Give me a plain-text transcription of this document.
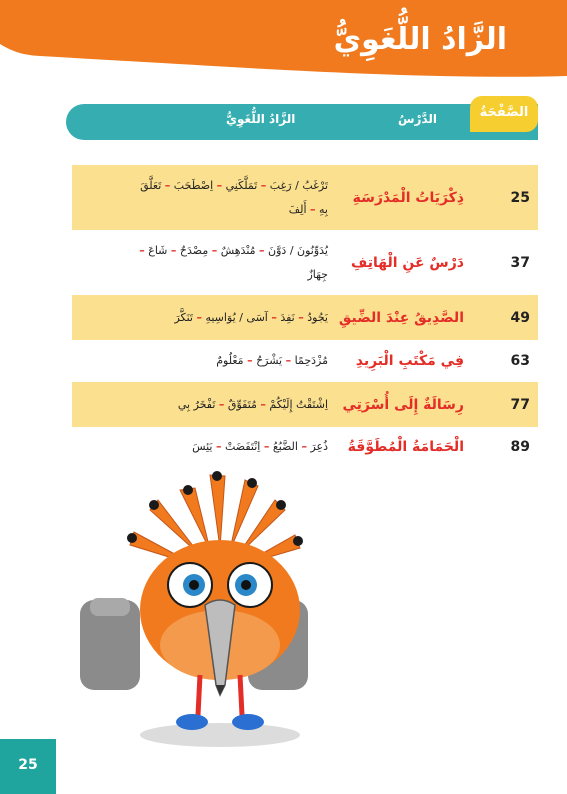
الزَّادُ اللُّغَوِيُّ
الدَّرْسُ
الزَّادُ اللُّغَوِيُّ	الصَّفْحَةُ
25
ذِكْرَيَاتُ الْمَدْرَسَةِ
تَرْغَبُ / رَغِبَ – تَمَلَّكَنِي – اِصْطَحَبَ – تَعَلَّقَ بِهِ – أَلِفَ
37
دَرْسٌ عَنِ الْهَاتِفِ
يُدَوِّنُونَ / دَوَّنَ – مُنْدَهِشٌ – مِصْدَحٌ – شَاعَ – جِهَازٌ
49
الصَّدِيقُ عِنْدَ الضِّيقِ
يَجُودُ – نَفِدَ – آسَى / يُوَاسِيهِ – تَنَكَّرَ
63
فِي مَكْتَبِ الْبَرِيدِ
مُزْدَحِمًا – يَشْرَحُ – مَعْلُومٌ
77
رِسَالَةٌ إِلَى أُسْرَتِي
اِشْتَقْتُ إِلَيْكُمْ – مُتَفَوِّقٌ – تَفْخَرُ بِي
89
الْحَمَامَةُ الْمُطَوَّقَةُ
ذُعِرَ – الضَّبُعُ – اِنْتَفَضَتْ – يَئِسَ
25
